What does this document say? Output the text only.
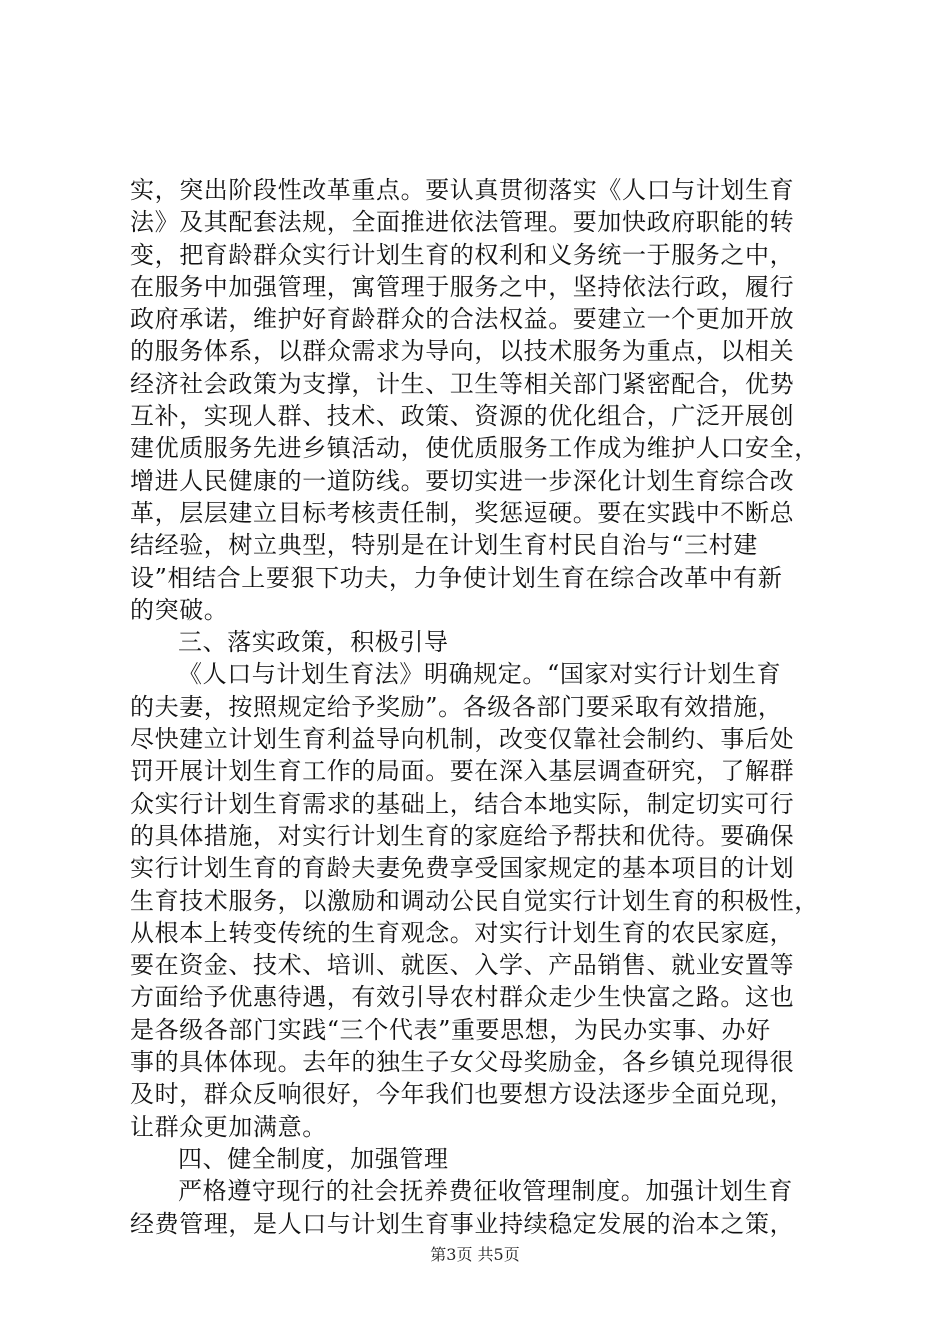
实，突出阶段性改革重点。要认真贯彻落实《人口与计划生育
法》及其配套法规，全面推进依法管理。要加快政府职能的转
变，把育龄群众实行计划生育的权利和义务统一于服务之中，
在服务中加强管理，寓管理于服务之中，坚持依法行政，履行
政府承诺，维护好育龄群众的合法权益。要建立一个更加开放
的服务体系，以群众需求为导向，以技术服务为重点，以相关
经济社会政策为支撑，计生、卫生等相关部门紧密配合，优势
互补，实现人群、技术、政策、资源的优化组合，广泛开展创
建优质服务先进乡镇活动，使优质服务工作成为维护人口安全，
增进人民健康的一道防线。要切实进一步深化计划生育综合改
革，层层建立目标考核责任制，奖惩逗硬。要在实践中不断总
结经验，树立典型，特别是在计划生育村民自治与“三村建
设”相结合上要狠下功夫，力争使计划生育在综合改革中有新
的突破。
三、落实政策，积极引导
《人口与计划生育法》明确规定。“国家对实行计划生育
的夫妻，按照规定给予奖励”。各级各部门要采取有效措施，
尽快建立计划生育利益导向机制，改变仅靠社会制约、事后处
罚开展计划生育工作的局面。要在深入基层调查研究，了解群
众实行计划生育需求的基础上，结合本地实际，制定切实可行
的具体措施，对实行计划生育的家庭给予帮扶和优待。要确保
实行计划生育的育龄夫妻免费享受国家规定的基本项目的计划
生育技术服务，以激励和调动公民自觉实行计划生育的积极性，
从根本上转变传统的生育观念。对实行计划生育的农民家庭，
要在资金、技术、培训、就医、入学、产品销售、就业安置等
方面给予优惠待遇，有效引导农村群众走少生快富之路。这也
是各级各部门实践“三个代表”重要思想，为民办实事、办好
事的具体体现。去年的独生子女父母奖励金，各乡镇兑现得很
及时，群众反响很好，今年我们也要想方设法逐步全面兑现，
让群众更加满意。
四、健全制度，加强管理
严格遵守现行的社会抚养费征收管理制度。加强计划生育
经费管理，是人口与计划生育事业持续稳定发展的治本之策，
第3页 共5页
